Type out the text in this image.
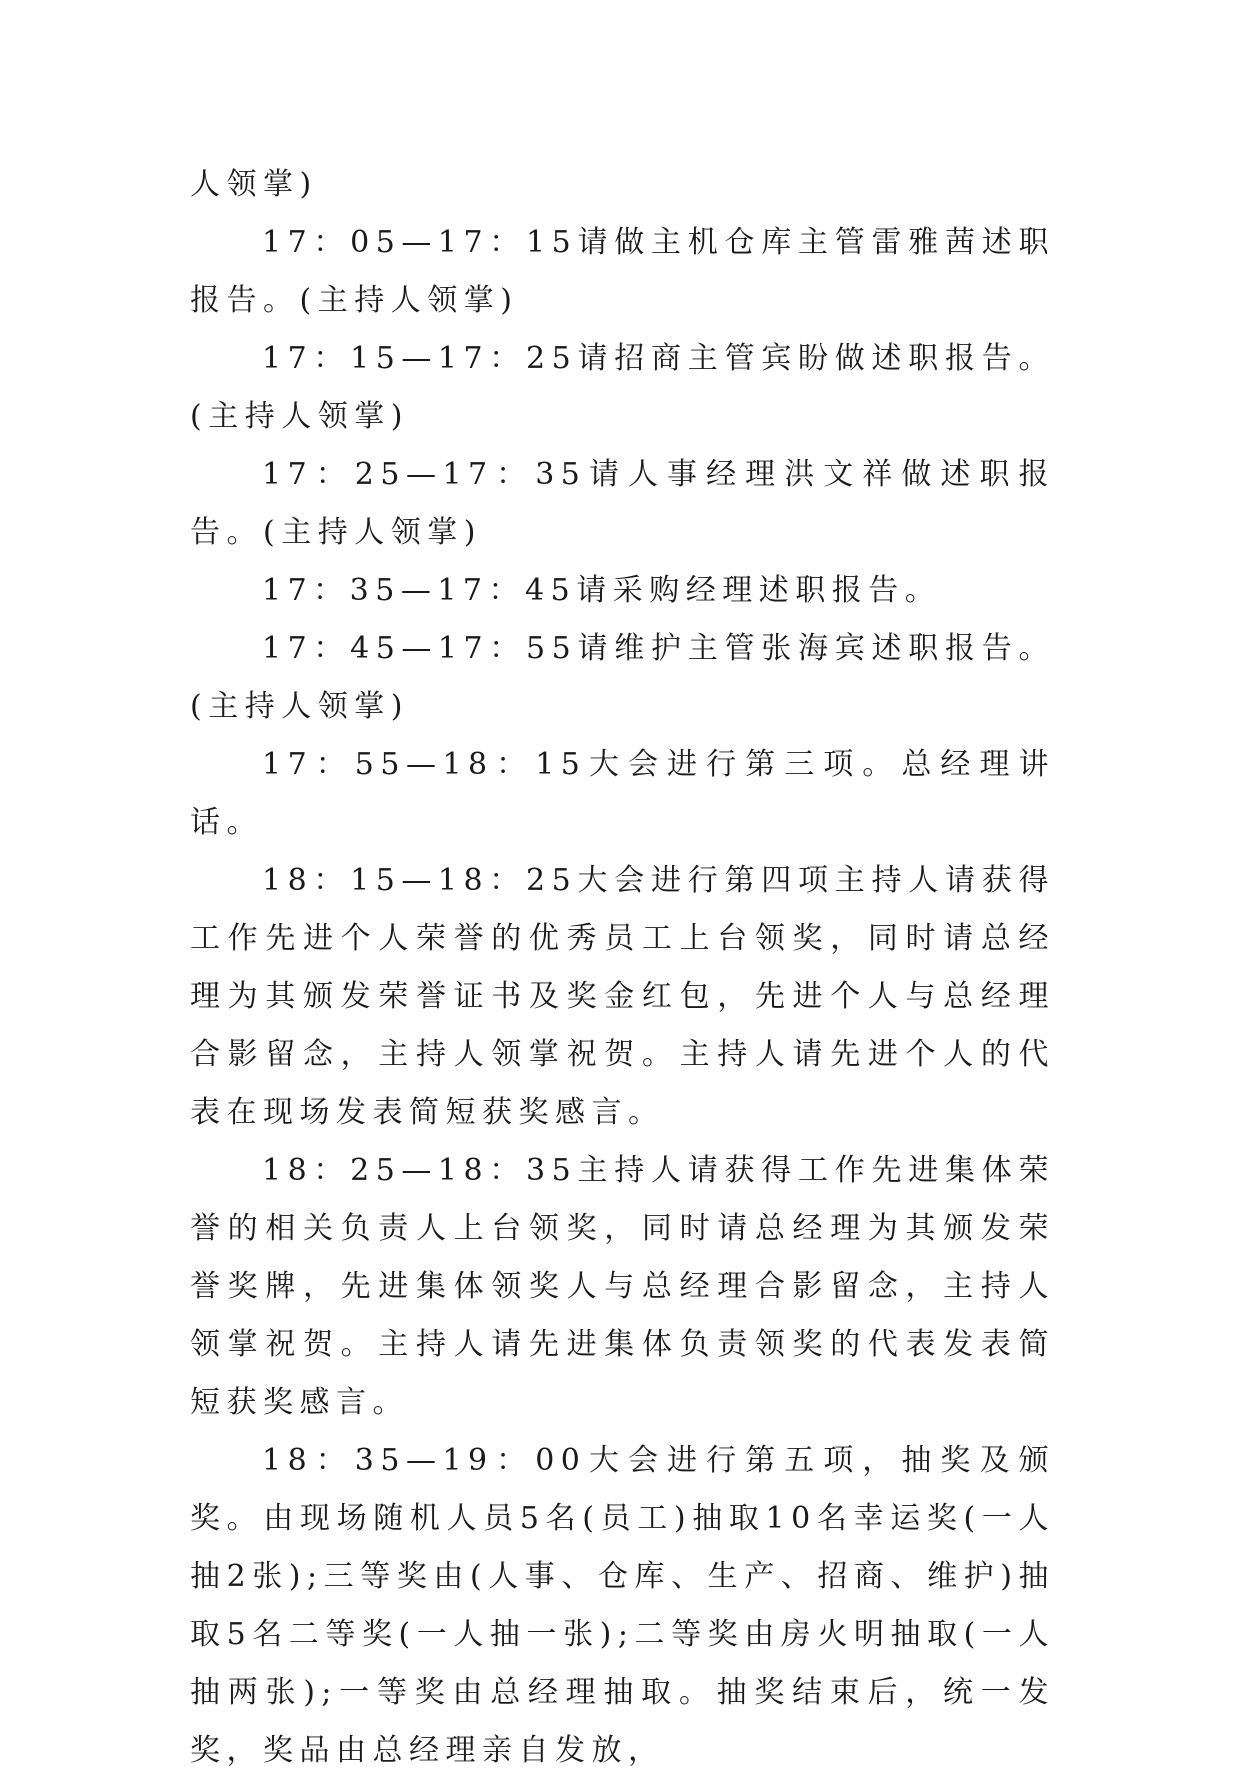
人领掌)

17：05—17：15请做主机仓库主管雷雅茜述职报告。(主持人领掌)

17：15—17：25请招商主管宾盼做述职报告。(主持人领掌)

17：25—17：35请人事经理洪文祥做述职报告。(主持人领掌)

17：35—17：45请采购经理述职报告。

17：45—17：55请维护主管张海宾述职报告。(主持人领掌)

17：55—18：15大会进行第三项。总经理讲话。

18：15—18：25大会进行第四项主持人请获得工作先进个人荣誉的优秀员工上台领奖，同时请总经理为其颁发荣誉证书及奖金红包，先进个人与总经理合影留念，主持人领掌祝贺。主持人请先进个人的代表在现场发表简短获奖感言。

18：25—18：35主持人请获得工作先进集体荣誉的相关负责人上台领奖，同时请总经理为其颁发荣誉奖牌，先进集体领奖人与总经理合影留念，主持人领掌祝贺。主持人请先进集体负责领奖的代表发表简短获奖感言。

18：35—19：00大会进行第五项，抽奖及颁奖。由现场随机人员5名(员工)抽取10名幸运奖(一人抽2张);三等奖由(人事、仓库、生产、招商、维护)抽取5名二等奖(一人抽一张);二等奖由房火明抽取(一人抽两张);一等奖由总经理抽取。抽奖结束后，统一发奖，奖品由总经理亲自发放，
